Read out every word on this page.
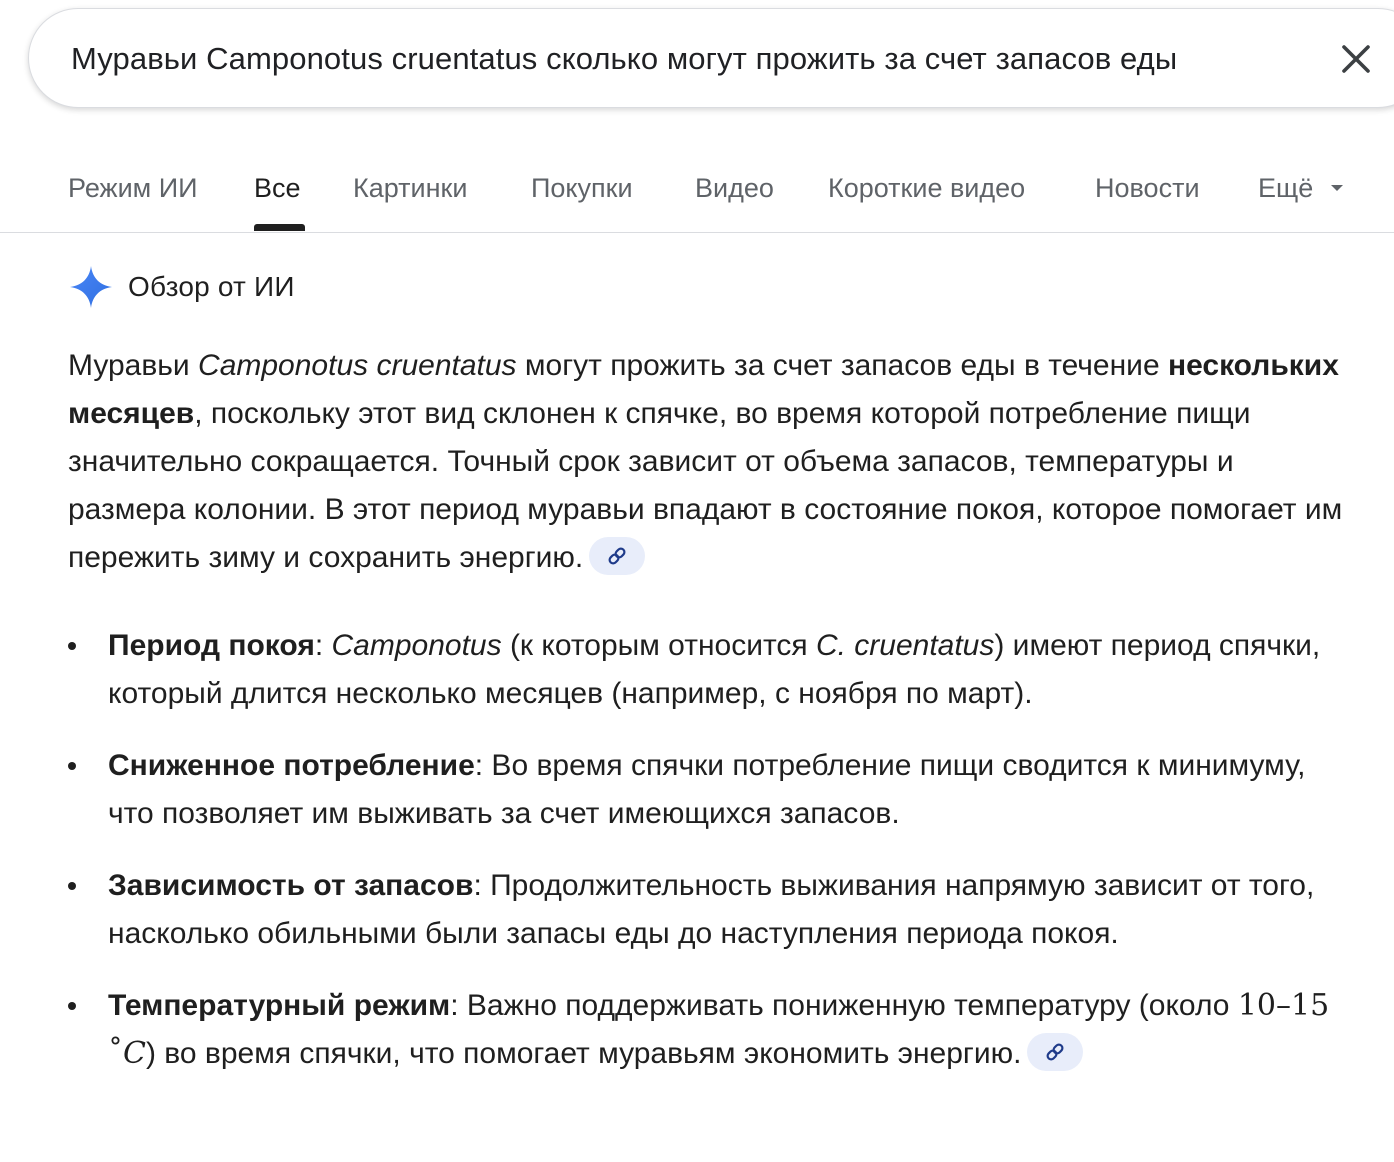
Муравьи Camponotus cruentatus сколько могут прожить за счет запасов еды
Режим ИИ Все Картинки Покупки Видео Короткие видео	Новости Ещё
Обзор от ИИ
Муравьи Camponotus cruentatus могут прожить за счет запасов еды в течение нескольких месяцев, поскольку этот вид склонен к спячке, во время которой потребление пищи значительно сокращается. Точный срок зависит от объема запасов, температуры и размера колонии. В этот период муравьи впадают в состояние покоя, которое помогает им пережить зиму и сохранить энергию.
Период покоя: Camponotus (к которым относится C. cruentatus) имеют период спячки, который длится несколько месяцев (например, с ноября по март).
Сниженное потребление: Во время спячки потребление пищи сводится к минимуму, что позволяет им выживать за счет имеющихся запасов.
Зависимость от запасов: Продолжительность выживания напрямую зависит от того, насколько обильными были запасы еды до наступления периода покоя.
Температурный режим: Важно поддерживать пониженную температуру (около 10–15 ˚C) во время спячки, что помогает муравьям экономить энергию.
